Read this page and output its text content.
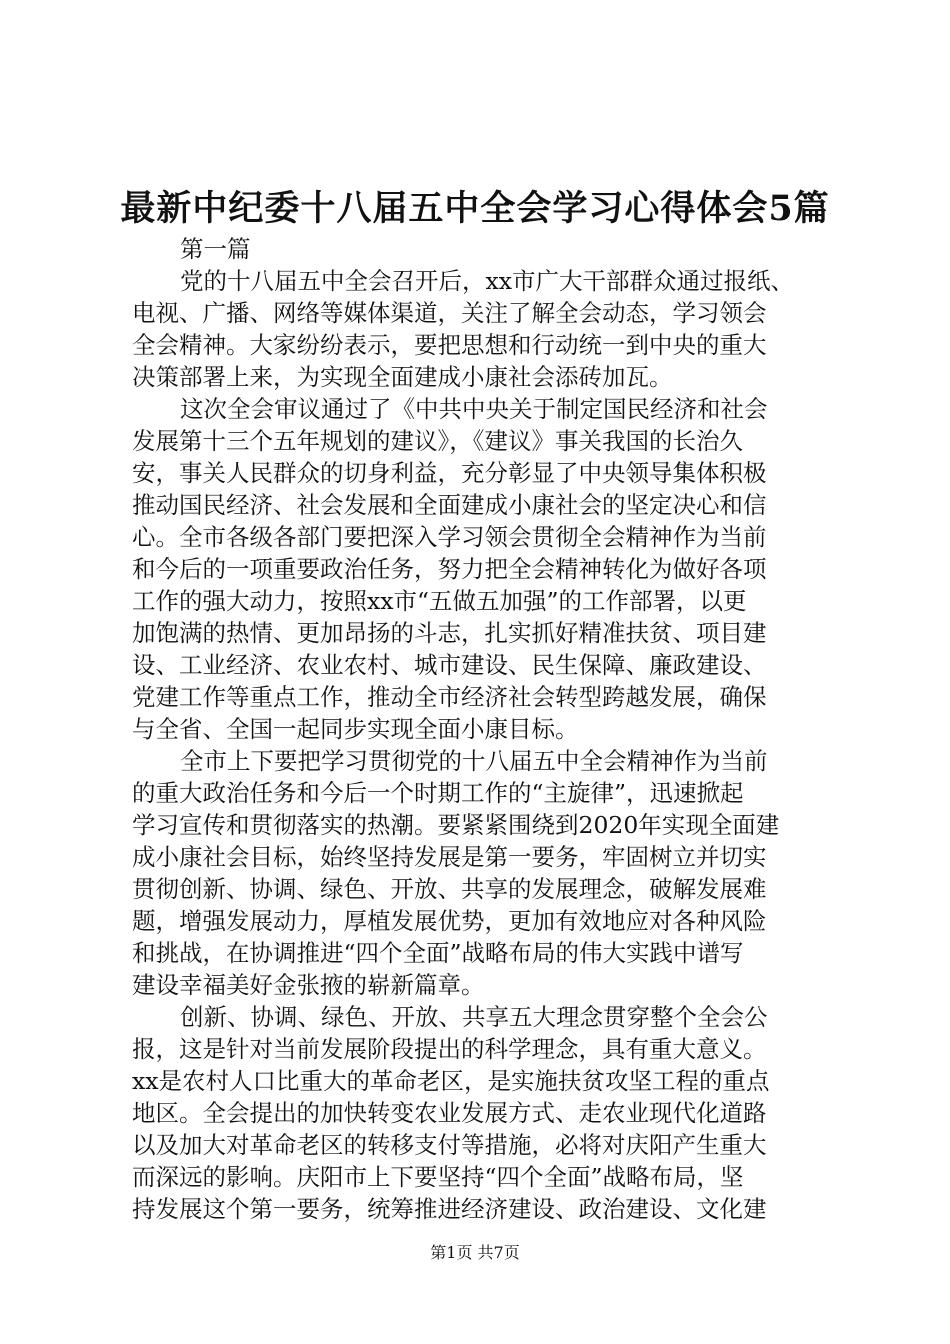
最新中纪委十八届五中全会学习心得体会5篇
第一篇
党的十八届五中全会召开后，xx市广大干部群众通过报纸、
电视、广播、网络等媒体渠道，关注了解全会动态，学习领会
全会精神。大家纷纷表示，要把思想和行动统一到中央的重大
决策部署上来，为实现全面建成小康社会添砖加瓦。
这次全会审议通过了《中共中央关于制定国民经济和社会
发展第十三个五年规划的建议》，《建议》事关我国的长治久
安，事关人民群众的切身利益，充分彰显了中央领导集体积极
推动国民经济、社会发展和全面建成小康社会的坚定决心和信
心。全市各级各部门要把深入学习领会贯彻全会精神作为当前
和今后的一项重要政治任务，努力把全会精神转化为做好各项
工作的强大动力，按照xx市“五做五加强”的工作部署，以更
加饱满的热情、更加昂扬的斗志，扎实抓好精准扶贫、项目建
设、工业经济、农业农村、城市建设、民生保障、廉政建设、
党建工作等重点工作，推动全市经济社会转型跨越发展，确保
与全省、全国一起同步实现全面小康目标。
全市上下要把学习贯彻党的十八届五中全会精神作为当前
的重大政治任务和今后一个时期工作的“主旋律”，迅速掀起
学习宣传和贯彻落实的热潮。要紧紧围绕到2020年实现全面建
成小康社会目标，始终坚持发展是第一要务，牢固树立并切实
贯彻创新、协调、绿色、开放、共享的发展理念，破解发展难
题，增强发展动力，厚植发展优势，更加有效地应对各种风险
和挑战，在协调推进“四个全面”战略布局的伟大实践中谱写
建设幸福美好金张掖的崭新篇章。
创新、协调、绿色、开放、共享五大理念贯穿整个全会公
报，这是针对当前发展阶段提出的科学理念，具有重大意义。
xx是农村人口比重大的革命老区，是实施扶贫攻坚工程的重点
地区。全会提出的加快转变农业发展方式、走农业现代化道路
以及加大对革命老区的转移支付等措施，必将对庆阳产生重大
而深远的影响。庆阳市上下要坚持“四个全面”战略布局，坚
持发展这个第一要务，统筹推进经济建设、政治建设、文化建
第1页 共7页
